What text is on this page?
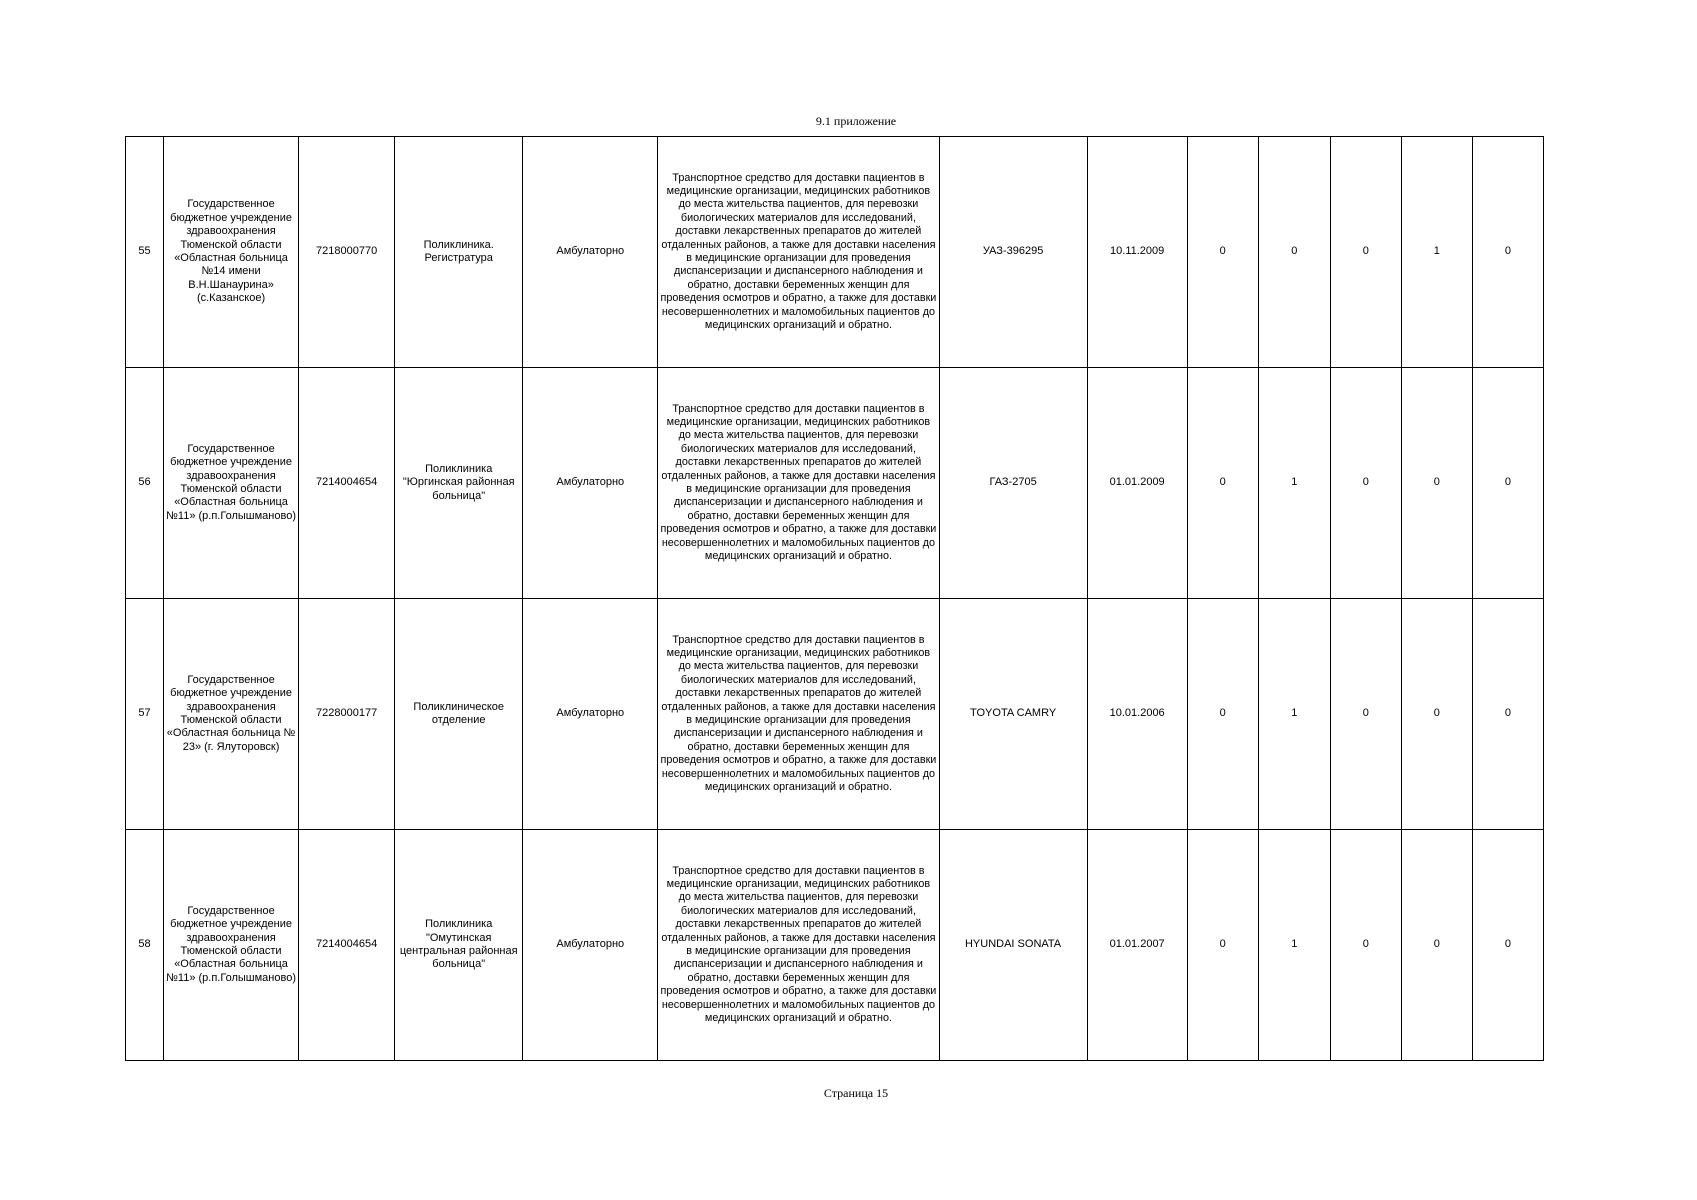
9.1 приложение
55	Государственное бюджетное учреждение здравоохранения Тюменской области «Областная больница №14 имени В.Н.Шанаурина» (с.Казанское)	7218000770	Поликлиника. Регистратура	Амбулаторно	Транспортное средство для доставки пациентов в медицинские организации, медицинских работников до места жительства пациентов, для перевозки биологических материалов для исследований, доставки лекарственных препаратов до жителей отдаленных районов, а также для доставки населения в медицинские организации для проведения диспансеризации и диспансерного наблюдения и обратно, доставки беременных женщин для проведения осмотров и обратно, а также для доставки несовершеннолетних и маломобильных пациентов до медицинских организаций и обратно.	УАЗ-396295	10.11.2009	0	0	0	1	0
56	Государственное бюджетное учреждение здравоохранения Тюменской области «Областная больница №11» (р.п.Голышманово)	7214004654	Поликлиника "Юргинская районная больница"	Амбулаторно	Транспортное средство для доставки пациентов в медицинские организации, медицинских работников до места жительства пациентов, для перевозки биологических материалов для исследований, доставки лекарственных препаратов до жителей отдаленных районов, а также для доставки населения в медицинские организации для проведения диспансеризации и диспансерного наблюдения и обратно, доставки беременных женщин для проведения осмотров и обратно, а также для доставки несовершеннолетних и маломобильных пациентов до медицинских организаций и обратно.	ГАЗ-2705	01.01.2009	0	1	0	0	0
57	Государственное бюджетное учреждение здравоохранения Тюменской области «Областная больница № 23» (г. Ялуторовск)	7228000177	Поликлиническое отделение	Амбулаторно	Транспортное средство для доставки пациентов в медицинские организации, медицинских работников до места жительства пациентов, для перевозки биологических материалов для исследований, доставки лекарственных препаратов до жителей отдаленных районов, а также для доставки населения в медицинские организации для проведения диспансеризации и диспансерного наблюдения и обратно, доставки беременных женщин для проведения осмотров и обратно, а также для доставки несовершеннолетних и маломобильных пациентов до медицинских организаций и обратно.	TOYOTA CAMRY	10.01.2006	0	1	0	0	0
58	Государственное бюджетное учреждение здравоохранения Тюменской области «Областная больница №11» (р.п.Голышманово)	7214004654	Поликлиника "Омутинская центральная районная больница"	Амбулаторно	Транспортное средство для доставки пациентов в медицинские организации, медицинских работников до места жительства пациентов, для перевозки биологических материалов для исследований, доставки лекарственных препаратов до жителей отдаленных районов, а также для доставки населения в медицинские организации для проведения диспансеризации и диспансерного наблюдения и обратно, доставки беременных женщин для проведения осмотров и обратно, а также для доставки несовершеннолетних и маломобильных пациентов до медицинских организаций и обратно.	HYUNDAI SONATA	01.01.2007	0	1	0	0	0
Страница 15
